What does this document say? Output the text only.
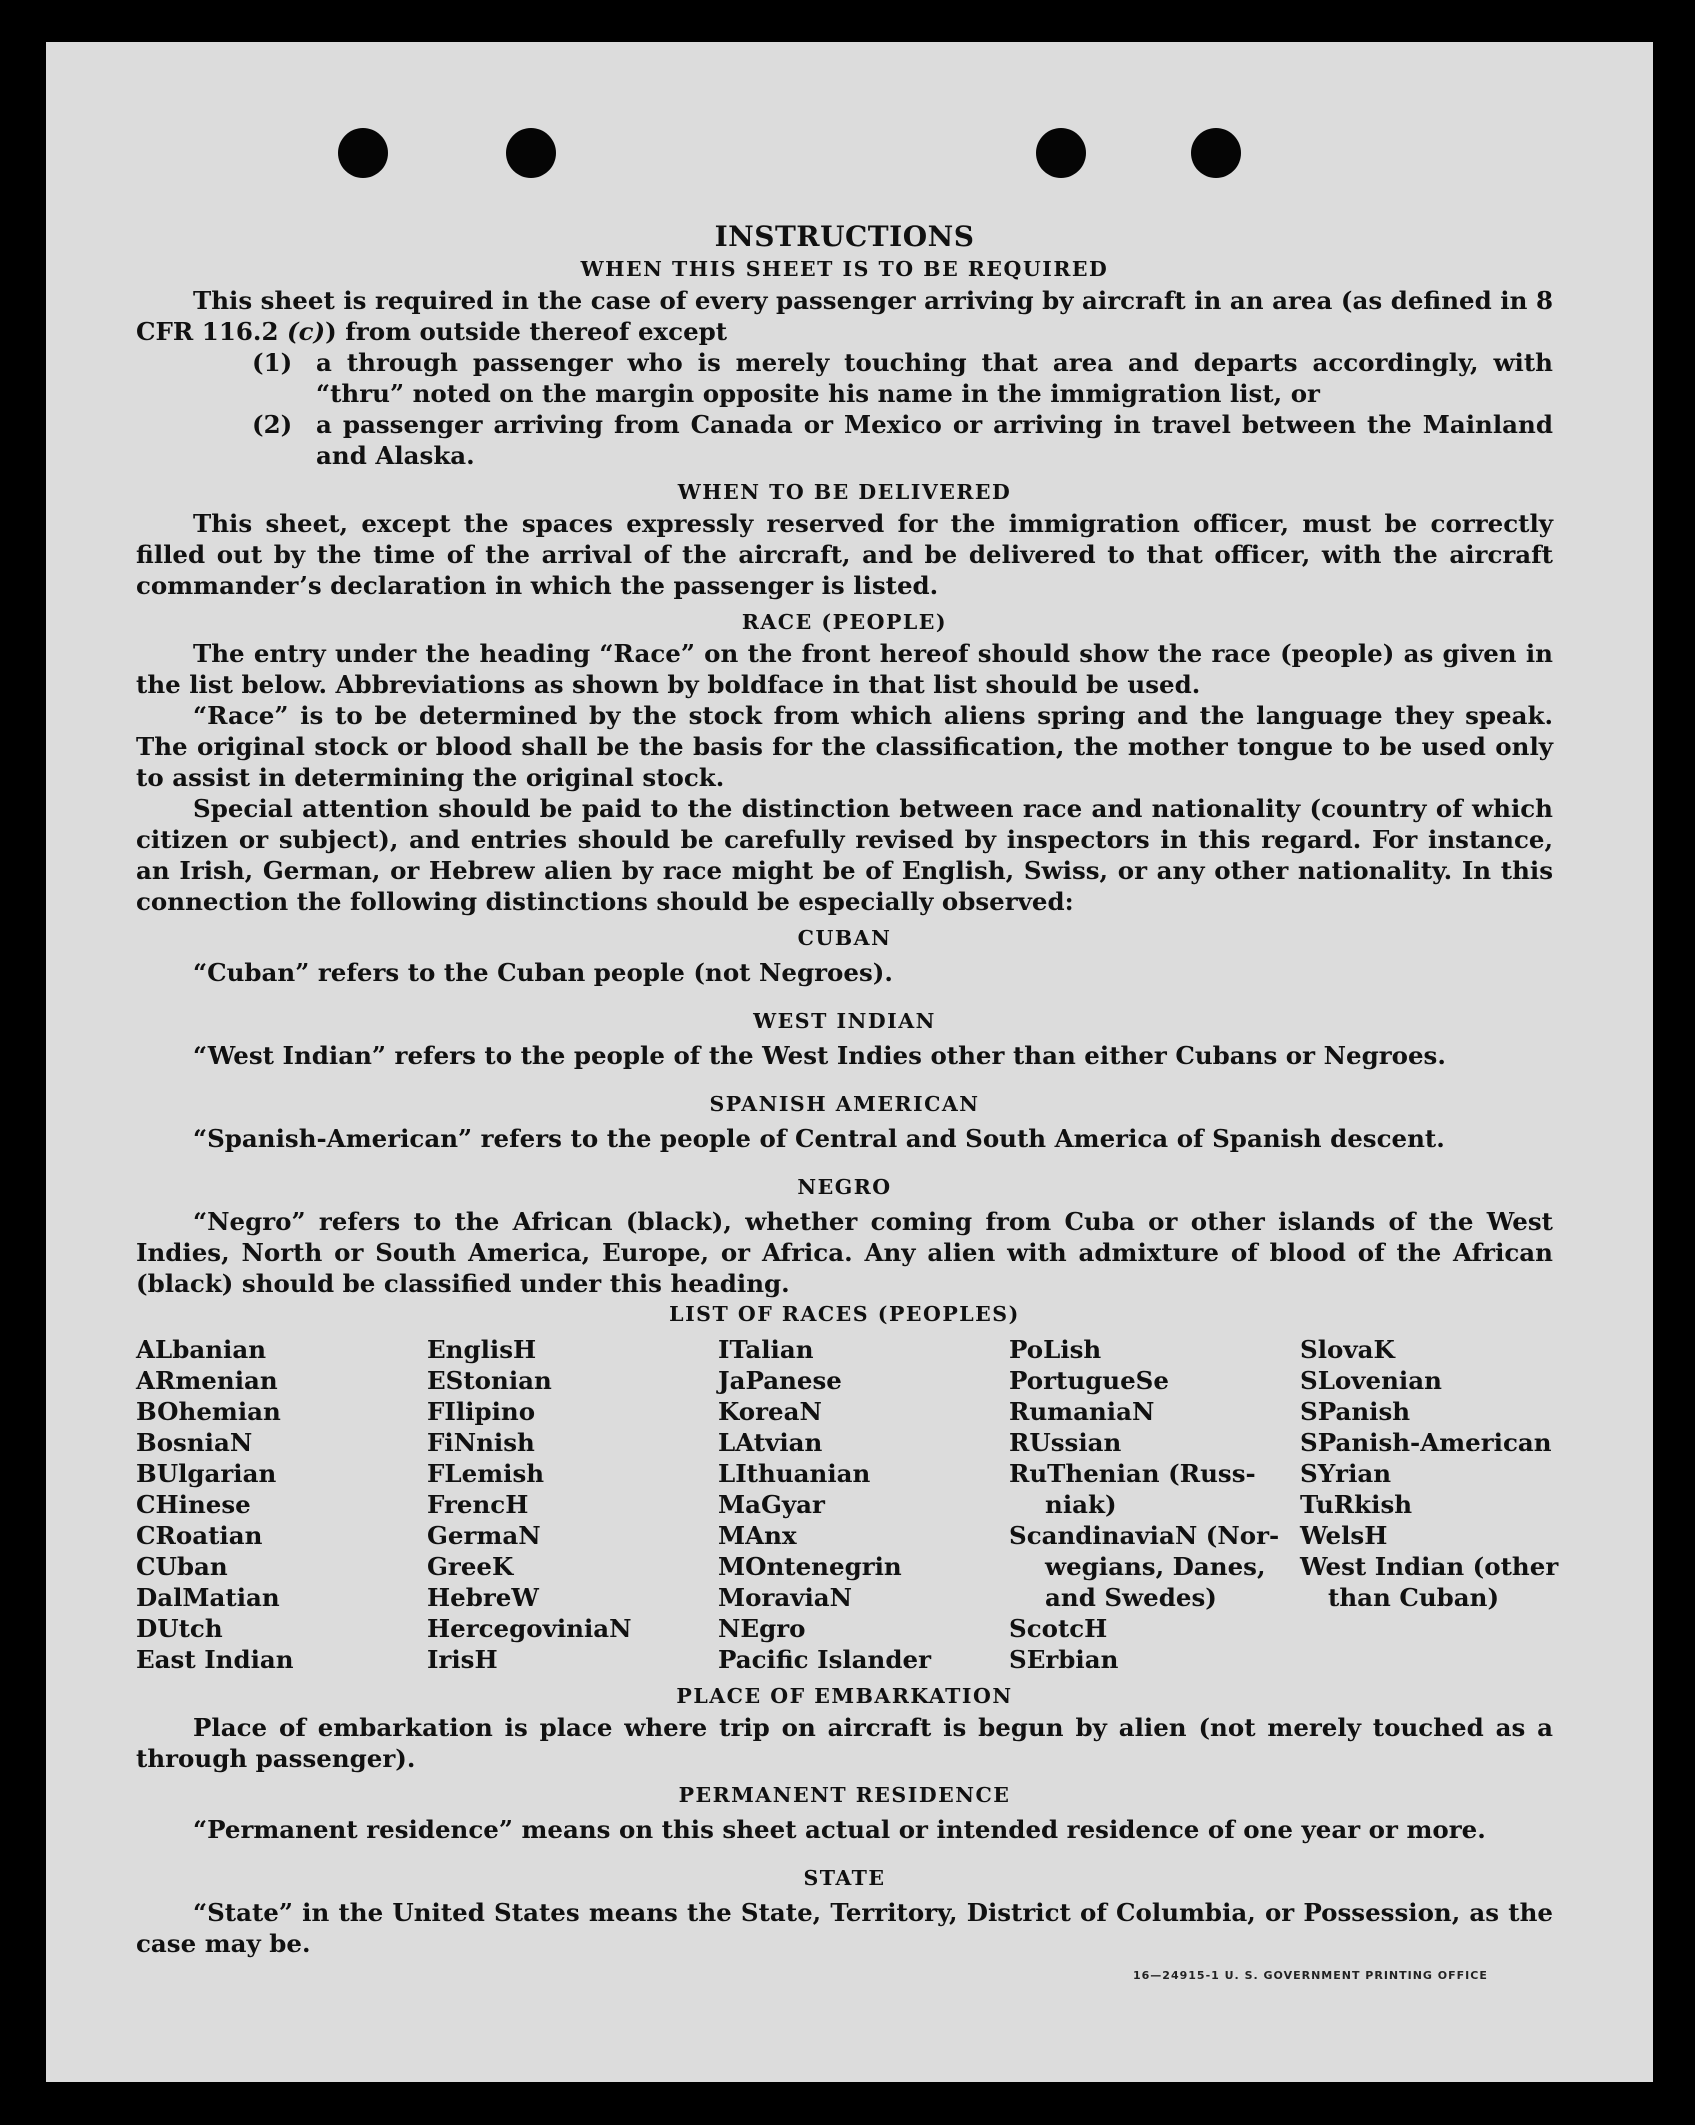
INSTRUCTIONS
WHEN THIS SHEET IS TO BE REQUIRED

This sheet is required in the case of every passenger arriving by aircraft in an area (as defined in 8 CFR 116.2 (c)) from outside thereof except

(1) a through passenger who is merely touching that area and departs accordingly, with “thru” noted on the margin opposite his name in the immigration list, or
(2) a passenger arriving from Canada or Mexico or arriving in travel between the Mainland and Alaska.
WHEN TO BE DELIVERED

This sheet, except the spaces expressly reserved for the immigration officer, must be correctly filled out by the time of the arrival of the aircraft, and be delivered to that officer, with the aircraft commander’s declaration in which the passenger is listed.

RACE (PEOPLE)

The entry under the heading “Race” on the front hereof should show the race (people) as given in the list below. Abbreviations as shown by boldface in that list should be used.

“Race” is to be determined by the stock from which aliens spring and the language they speak. The original stock or blood shall be the basis for the classification, the mother tongue to be used only to assist in determining the original stock.

Special attention should be paid to the distinction between race and nationality (country of which citizen or subject), and entries should be carefully revised by inspectors in this regard. For instance, an Irish, German, or Hebrew alien by race might be of English, Swiss, or any other nationality. In this connection the following distinctions should be especially observed:

CUBAN

“Cuban” refers to the Cuban people (not Negroes).

WEST INDIAN

“West Indian” refers to the people of the West Indies other than either Cubans or Negroes.

SPANISH AMERICAN

“Spanish-American” refers to the people of Central and South America of Spanish descent.

NEGRO

“Negro” refers to the African (black), whether coming from Cuba or other islands of the West Indies, North or South America, Europe, or Africa. Any alien with admixture of blood of the African (black) should be classified under this heading.

LIST OF RACES (PEOPLES)
ALbanian
ARmenian
BOhemian
BosniaN
BUlgarian
CHinese
CRoatian
CUban
DalMatian
DUtch
East Indian
EnglisH
EStonian
FIlipino
FiNnish
FLemish
FrencH
GermaN
GreeK
HebreW
HercegoviniaN
IrisH
ITalian
JaPanese
KoreaN
LAtvian
LIthuanian
MaGyar
MAnx
MOntenegrin
MoraviaN
NEgro
Pacific Islander
PoLish
PortugueSe
RumaniaN
RUssian
RuThenian (Russ-
niak)
ScandinaviaN (Nor-
wegians, Danes,
and Swedes)
ScotcH
SErbian
SlovaK
SLovenian
SPanish
SPanish-American
SYrian
TuRkish
WelsH
West Indian (other
than Cuban)
PLACE OF EMBARKATION

Place of embarkation is place where trip on aircraft is begun by alien (not merely touched as a through passenger).

PERMANENT RESIDENCE

“Permanent residence” means on this sheet actual or intended residence of one year or more.

STATE

“State” in the United States means the State, Territory, District of Columbia, or Possession, as the case may be.

16—24915-1 U. S. GOVERNMENT PRINTING OFFICE
